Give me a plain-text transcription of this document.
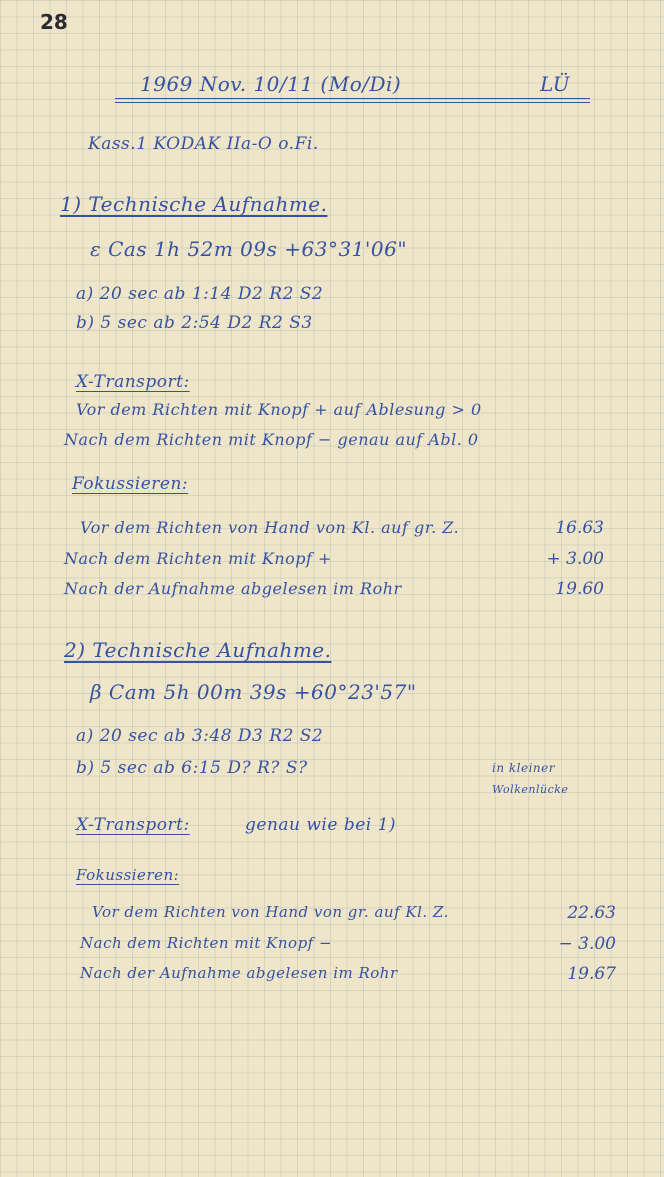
28
1969 Nov. 10/11 (Mo/Di)	LÜ
Kass.1 KODAK IIa-O o.Fi.
1) Technische Aufnahme.
ε Cas 1h 52m 09s +63°31'06"
a) 20 sec ab 1:14 D2 R2 S2
b) 5 sec ab 2:54 D2 R2 S3
X-Transport:
Vor dem Richten mit Knopf + auf Ablesung > 0
Nach dem Richten mit Knopf − genau auf Abl. 0
Fokussieren:
Vor dem Richten von Hand von Kl. auf gr. Z.	16.63
Nach dem Richten mit Knopf +	+ 3.00
Nach der Aufnahme abgelesen im Rohr	19.60
2) Technische Aufnahme.
β Cam 5h 00m 39s +60°23'57"
a) 20 sec ab 3:48 D3 R2 S2
b) 5 sec ab 6:15 D? R? S?	in kleiner
Wolkenlücke
X-Transport:	genau wie bei 1)
Fokussieren:
Vor dem Richten von Hand von gr. auf Kl. Z.	22.63
Nach dem Richten mit Knopf −	− 3.00
Nach der Aufnahme abgelesen im Rohr	19.67
